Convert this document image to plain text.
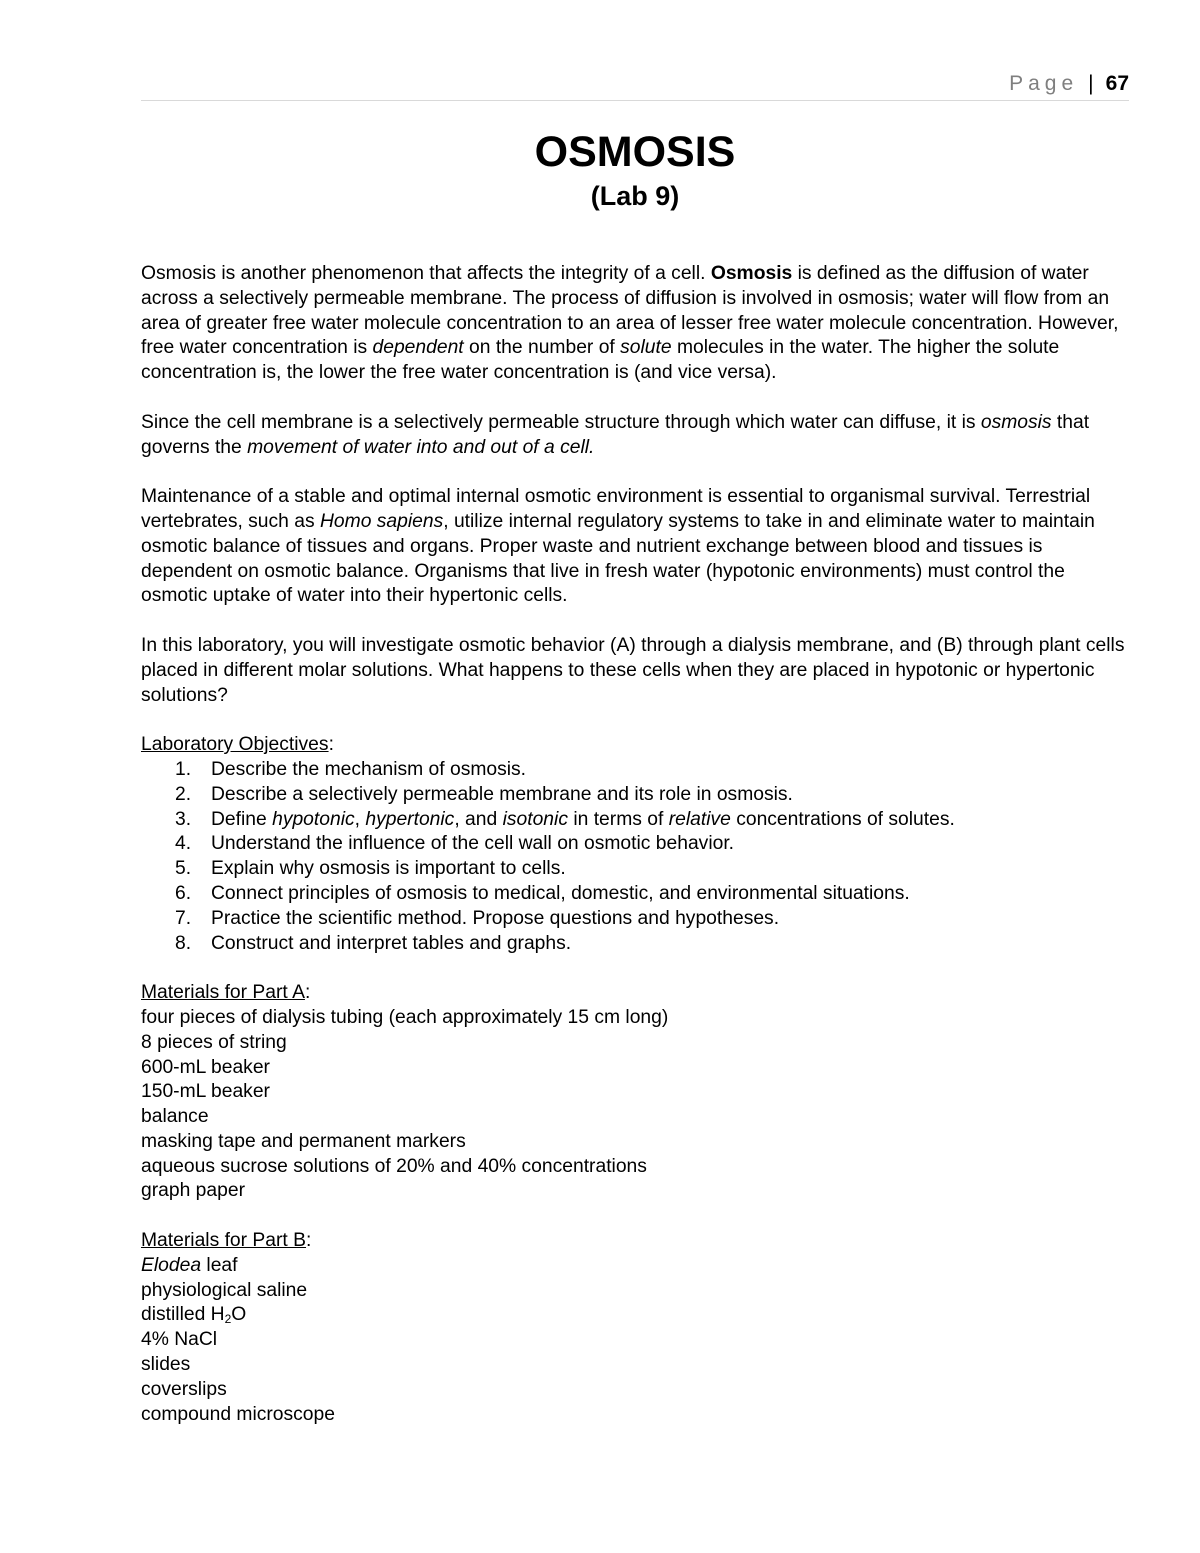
Page | 67
OSMOSIS
(Lab 9)

Osmosis is another phenomenon that affects the integrity of a cell. Osmosis is defined as the diffusion of water across a selectively permeable membrane. The process of diffusion is involved in osmosis; water will flow from an area of greater free water molecule concentration to an area of lesser free water molecule concentration. However, free water concentration is dependent on the number of solute molecules in the water. The higher the solute concentration is, the lower the free water concentration is (and vice versa).

Since the cell membrane is a selectively permeable structure through which water can diffuse, it is osmosis that governs the movement of water into and out of a cell.

Maintenance of a stable and optimal internal osmotic environment is essential to organismal survival. Terrestrial vertebrates, such as Homo sapiens, utilize internal regulatory systems to take in and eliminate water to maintain osmotic balance of tissues and organs. Proper waste and nutrient exchange between blood and tissues is dependent on osmotic balance. Organisms that live in fresh water (hypotonic environments) must control the osmotic uptake of water into their hypertonic cells.

In this laboratory, you will investigate osmotic behavior (A) through a dialysis membrane, and (B) through plant cells placed in different molar solutions. What happens to these cells when they are placed in hypotonic or hypertonic solutions?

Laboratory Objectives:

1.	Describe the mechanism of osmosis.
2.	Describe a selectively permeable membrane and its role in osmosis.
3.	Define hypotonic, hypertonic, and isotonic in terms of relative concentrations of solutes.
4.	Understand the influence of the cell wall on osmotic behavior.
5.	Explain why osmosis is important to cells.
6.	Connect principles of osmosis to medical, domestic, and environmental situations.
7.	Practice the scientific method. Propose questions and hypotheses.
8.	Construct and interpret tables and graphs.

Materials for Part A:

four pieces of dialysis tubing (each approximately 15 cm long)
8 pieces of string
600-mL beaker
150-mL beaker
balance
masking tape and permanent markers
aqueous sucrose solutions of 20% and 40% concentrations
graph paper

Materials for Part B:

Elodea leaf
physiological saline
distilled $H_2O$
4% NaCl
slides
coverslips
compound microscope
